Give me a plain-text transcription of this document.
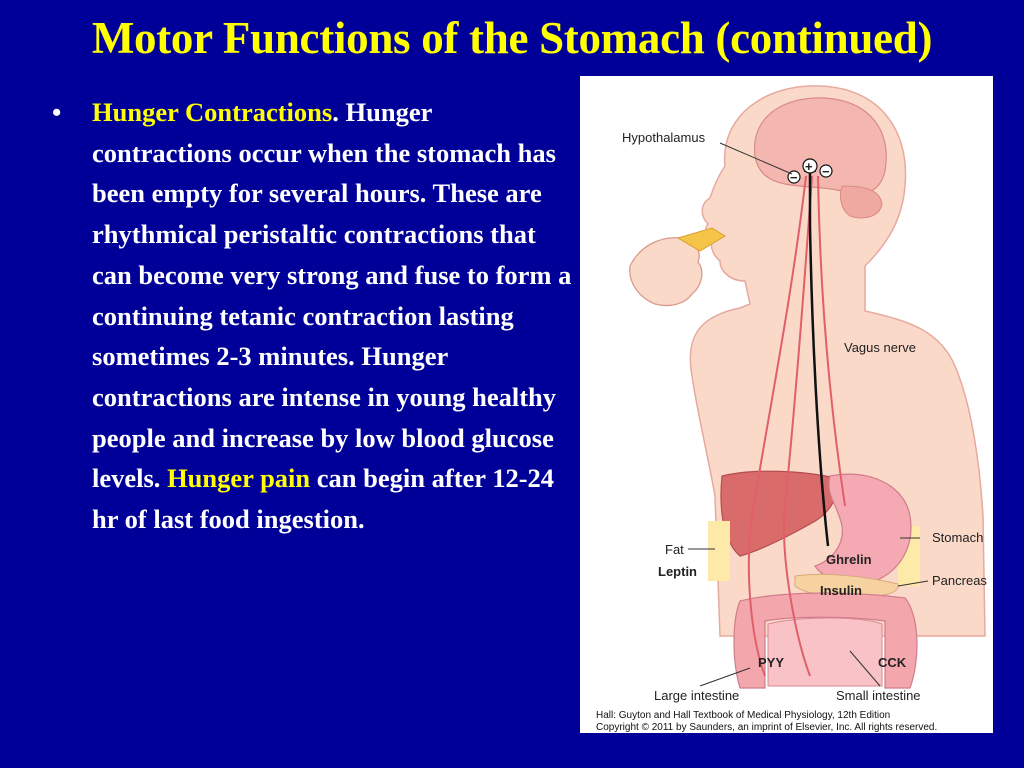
Motor Functions of the Stomach (continued)
• Hunger Contractions. Hunger contractions occur when the stomach has been empty for several hours. These are rhythmical peristaltic contractions that can become very strong and fuse to form a continuing tetanic contraction lasting sometimes 2-3 minutes. Hunger contractions are intense in young healthy people and increase by low blood glucose levels. Hunger pain can begin after 12-24 hr of last food ingestion.
+
− −
Hypothalamus
Vagus nerve
Fat
Leptin
Ghrelin
Stomach
Insulin
Pancreas
PYY	CCK
Large intestine	Small intestine
Hall: Guyton and Hall Textbook of Medical Physiology, 12th Edition
Copyright © 2011 by Saunders, an imprint of Elsevier, Inc. All rights reserved.
